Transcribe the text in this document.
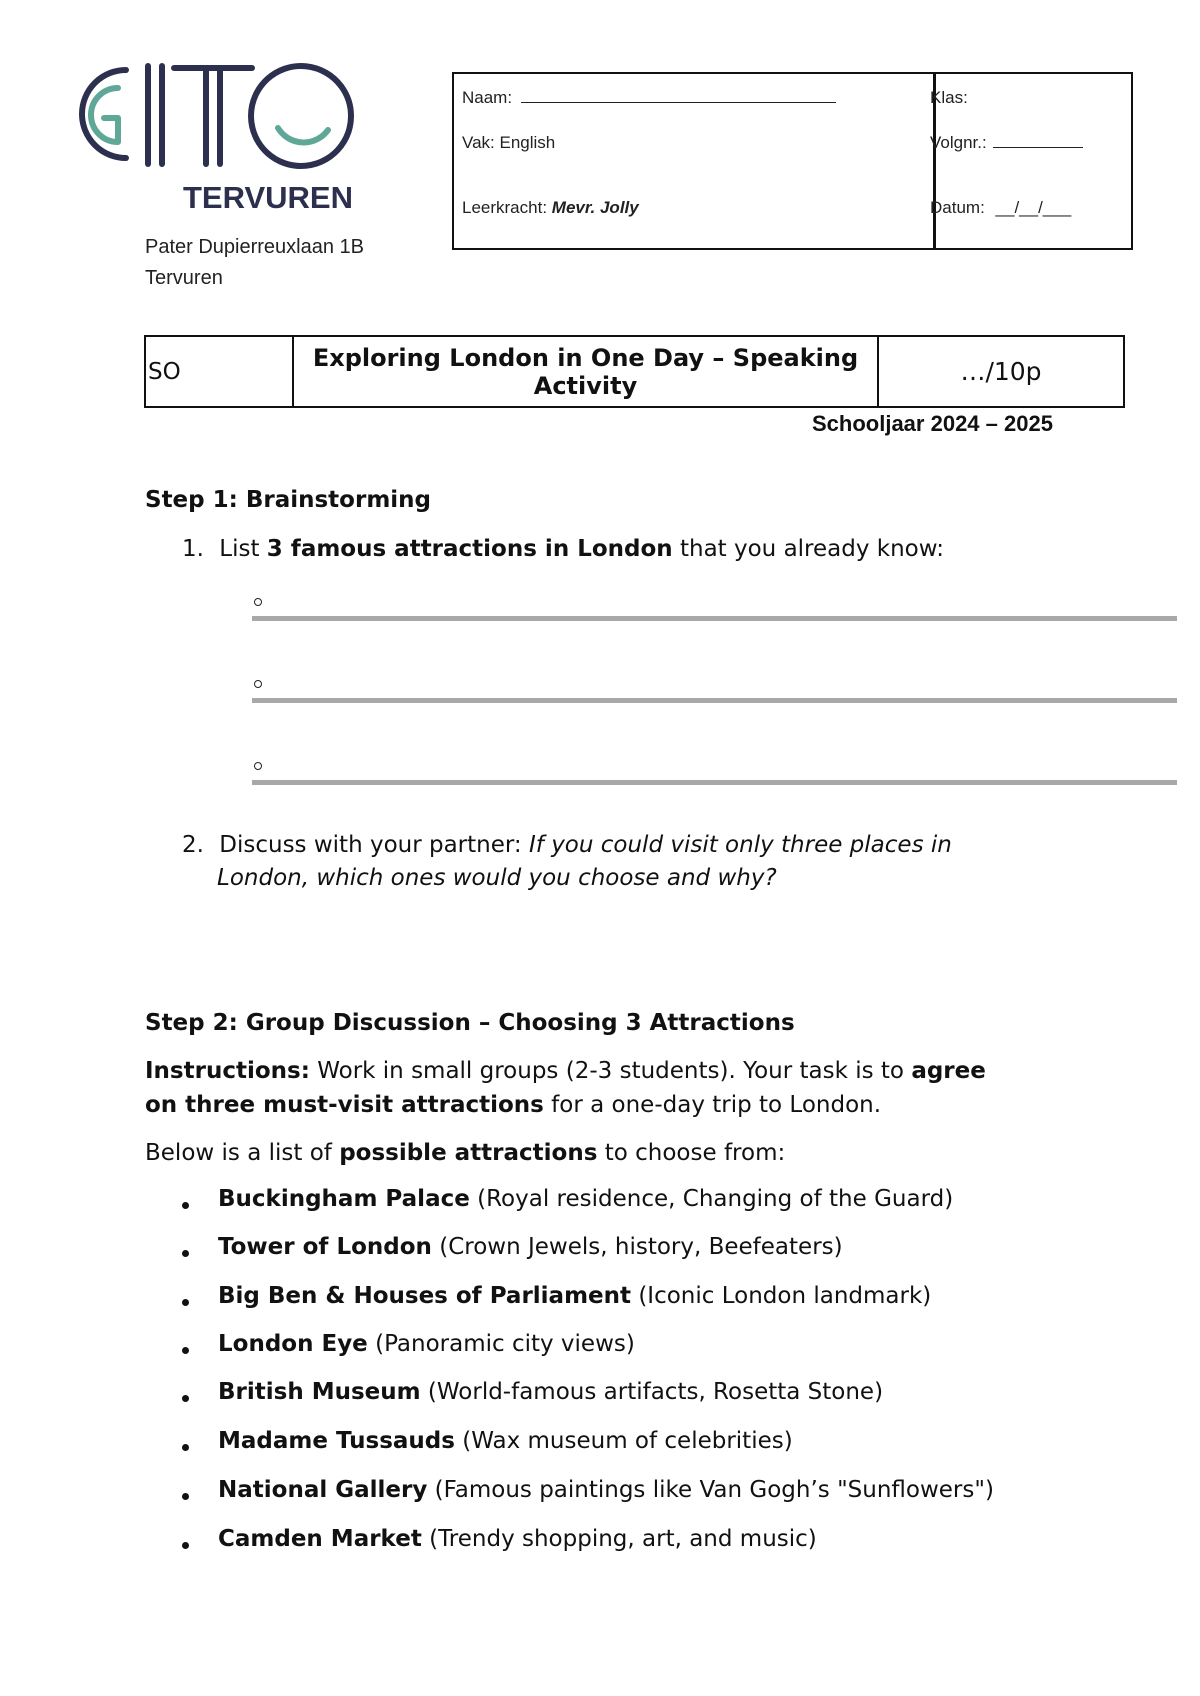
TERVUREN
Pater Dupierreuxlaan 1B
Tervuren
Naam:
Vak: English
Leerkracht: Mevr. Jolly
Klas:
Volgnr.:
Datum: __/__/___
SO	Exploring London in One Day – Speaking Activity	…/10p
Schooljaar 2024 – 2025
Step 1: Brainstorming
1. List 3 famous attractions in London that you already know:
2. Discuss with your partner: If you could visit only three places in
London, which ones would you choose and why?
Step 2: Group Discussion – Choosing 3 Attractions
Instructions: Work in small groups (2-3 students). Your task is to agree
on three must-visit attractions for a one-day trip to London.
Below is a list of possible attractions to choose from:
Buckingham Palace (Royal residence, Changing of the Guard)
Tower of London (Crown Jewels, history, Beefeaters)
Big Ben & Houses of Parliament (Iconic London landmark)
London Eye (Panoramic city views)
British Museum (World-famous artifacts, Rosetta Stone)
Madame Tussauds (Wax museum of celebrities)
National Gallery (Famous paintings like Van Gogh’s "Sunflowers")
Camden Market (Trendy shopping, art, and music)
